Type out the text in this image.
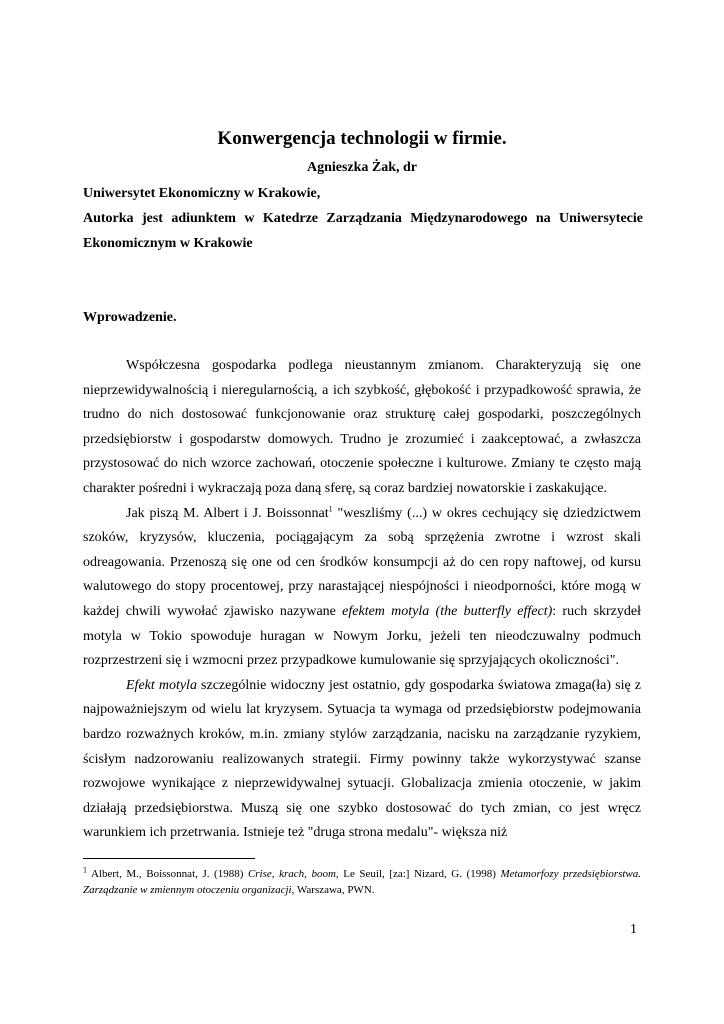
Konwergencja technologii w firmie.
Agnieszka Żak, dr
Uniwersytet Ekonomiczny w Krakowie,
Autorka jest adiunktem w Katedrze Zarządzania Międzynarodowego na Uniwersytecie Ekonomicznym w Krakowie
Wprowadzenie.

Współczesna gospodarka podlega nieustannym zmianom. Charakteryzują się one nieprzewidywalnością i nieregularnością, a ich szybkość, głębokość i przypadkowość sprawia, że trudno do nich dostosować funkcjonowanie oraz strukturę całej gospodarki, poszczególnych przedsiębiorstw i gospodarstw domowych. Trudno je zrozumieć i zaakceptować, a zwłaszcza przystosować do nich wzorce zachowań, otoczenie społeczne i kulturowe. Zmiany te często mają charakter pośredni i wykraczają poza daną sferę, są coraz bardziej nowatorskie i zaskakujące.

Jak piszą M. Albert i J. Boissonnat$^1$ "weszliśmy (...) w okres cechujący się dziedzictwem szoków, kryzysów, kluczenia, pociągającym za sobą sprzężenia zwrotne i wzrost skali odreagowania. Przenoszą się one od cen środków konsumpcji aż do cen ropy naftowej, od kursu walutowego do stopy procentowej, przy narastającej niespójności i nieodporności, które mogą w każdej chwili wywołać zjawisko nazywane efektem motyla (the butterfly effect): ruch skrzydeł motyla w Tokio spowoduje huragan w Nowym Jorku, jeżeli ten nieodczuwalny podmuch rozprzestrzeni się i wzmocni przez przypadkowe kumulowanie się sprzyjających okoliczności".

Efekt motyla szczególnie widoczny jest ostatnio, gdy gospodarka światowa zmaga(ła) się z najpoważniejszym od wielu lat kryzysem. Sytuacja ta wymaga od przedsiębiorstw podejmowania bardzo rozważnych kroków, m.in. zmiany stylów zarządzania, nacisku na zarządzanie ryzykiem, ścisłym nadzorowaniu realizowanych strategii. Firmy powinny także wykorzystywać szanse rozwojowe wynikające z nieprzewidywalnej sytuacji. Globalizacja zmienia otoczenie, w jakim działają przedsiębiorstwa. Muszą się one szybko dostosować do tych zmian, co jest wręcz warunkiem ich przetrwania. Istnieje też "druga strona medalu"- większa niż

$^1$ Albert, M., Boissonnat, J. (1988) Crise, krach, boom, Le Seuil, [za:] Nizard, G. (1998) Metamorfozy przedsiębiorstwa. Zarządzanie w zmiennym otoczeniu organizacji, Warszawa, PWN.
1
